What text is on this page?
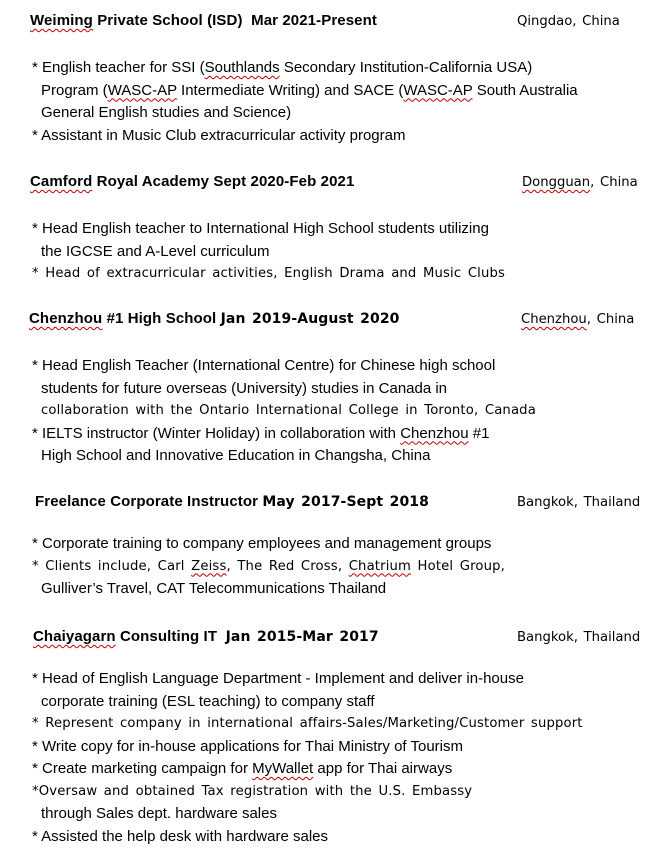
Weiming Private School (ISD)  Mar 2021-Present	Qingdao, China
* English teacher for SSI (Southlands Secondary Institution-California USA)
Program (WASC-AP Intermediate Writing) and SACE (WASC-AP South Australia
General English studies and Science)
* Assistant in Music Club extracurricular activity program
Camford Royal Academy Sept 2020-Feb 2021	Dongguan, China
* Head English teacher to International High School students utilizing
the IGCSE and A-Level curriculum
* Head of extracurricular activities, English Drama and Music Clubs
Chenzhou #1 High School Jan 2019-August 2020	Chenzhou, China
* Head English Teacher (International Centre) for Chinese high school
students for future overseas (University) studies in Canada in
collaboration with the Ontario International College in Toronto, Canada
* IELTS instructor (Winter Holiday) in collaboration with Chenzhou #1
High School and Innovative Education in Changsha, China
Freelance Corporate Instructor May 2017-Sept 2018	Bangkok, Thailand
* Corporate training to company employees and management groups
* Clients include, Carl Zeiss, The Red Cross, Chatrium Hotel Group,
Gulliver’s Travel, CAT Telecommunications Thailand
Chaiyagarn Consulting IT  Jan 2015-Mar 2017	Bangkok, Thailand
* Head of English Language Department - Implement and deliver in-house
corporate training (ESL teaching) to company staff
* Represent company in international affairs-Sales/Marketing/Customer support
* Write copy for in-house applications for Thai Ministry of Tourism
* Create marketing campaign for MyWallet app for Thai airways
*Oversaw and obtained Tax registration with the U.S. Embassy
through Sales dept. hardware sales
* Assisted the help desk with hardware sales
